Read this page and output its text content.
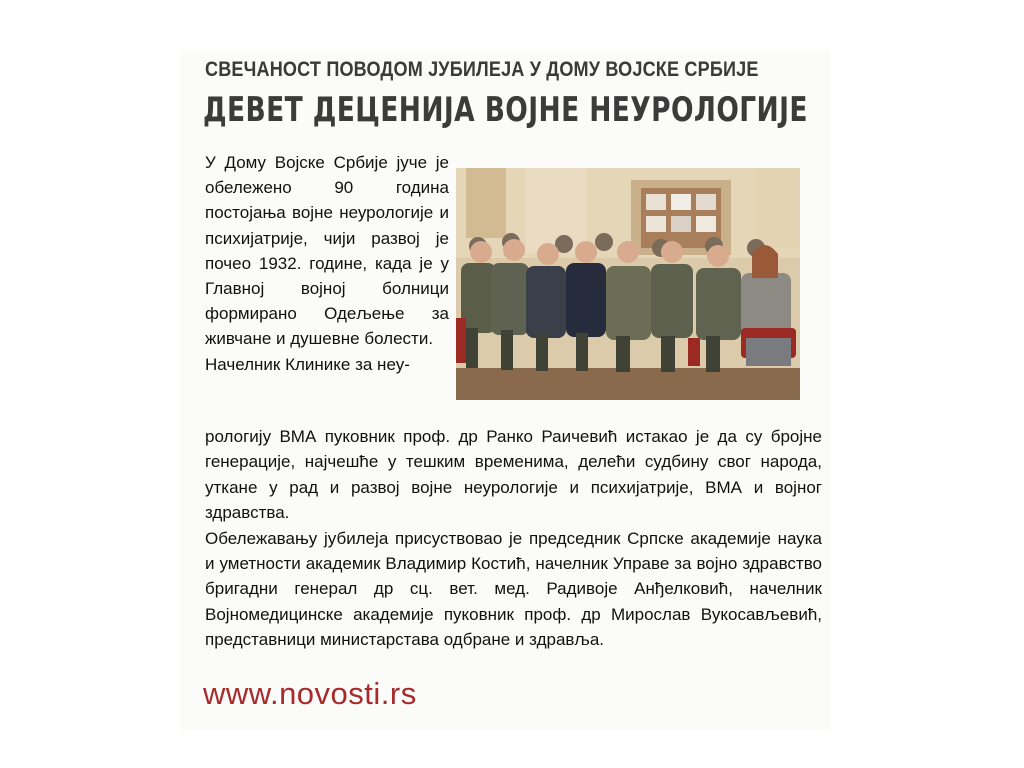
СВЕЧАНОСТ ПОВОДОМ ЈУБИЛЕЈА У ДОМУ ВОЈСКЕ СРБИЈЕ
ДЕВЕТ ДЕЦЕНИЈА ВОЈНЕ НЕУРОЛОГИЈЕ

У Дому Војске Србије јуче је обележено 90 година постојања војне неурологије и психијатрије, чији развој је почео 1932. године, када је у Главној војној болници формирано Одељење за живчане и душевне болести.

Начелник Клинике за неу-

рологију ВМА пуковник проф. др Ранко Раичевић истакао је да су бројне генерације, најчешће у тешким временима, делећи судбину свог народа, уткане у рад и развој војне неурологије и психијатрије, ВМА и војног здравства.

Обележавању јубилеја присуствовао је председник Српске академије наука и уметности академик Владимир Костић, начелник Управе за војно здравство бригадни генерал др сц. вет. мед. Радивоје Анђелковић, начелник Војномедицинске академије пуковник проф. др Мирослав Вукосављевић, представници министарстава одбране и здравља.

www.novosti.rs
